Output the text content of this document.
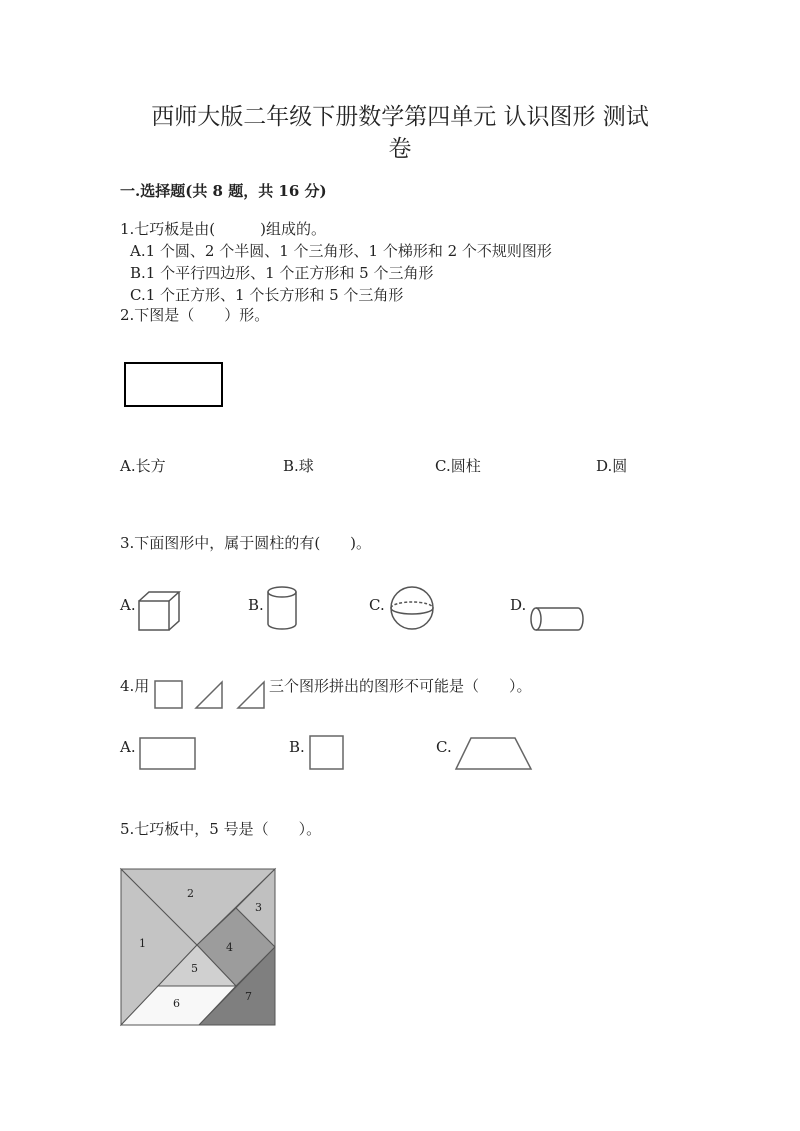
西师大版二年级下册数学第四单元 认识图形 测试
卷
一.选择题(共 8 题，共 16 分)
1.七巧板是由(　　　)组成的。
A.1 个圆、2 个半圆、1 个三角形、1 个梯形和 2 个不规则图形
B.1 个平行四边形、1 个正方形和 5 个三角形
C.1 个正方形、1 个长方形和 5 个三角形
2.下图是（　　）形。
A.长方	B.球	C.圆柱	D.圆
3.下面图形中，属于圆柱的有(　　)。
A.	B.	C.	D.
4.用	三个图形拼出的图形不可能是（　　）。
A.	B.	C.
5.七巧板中，5 号是（　　）。
1
2
3
4
5
6
7
